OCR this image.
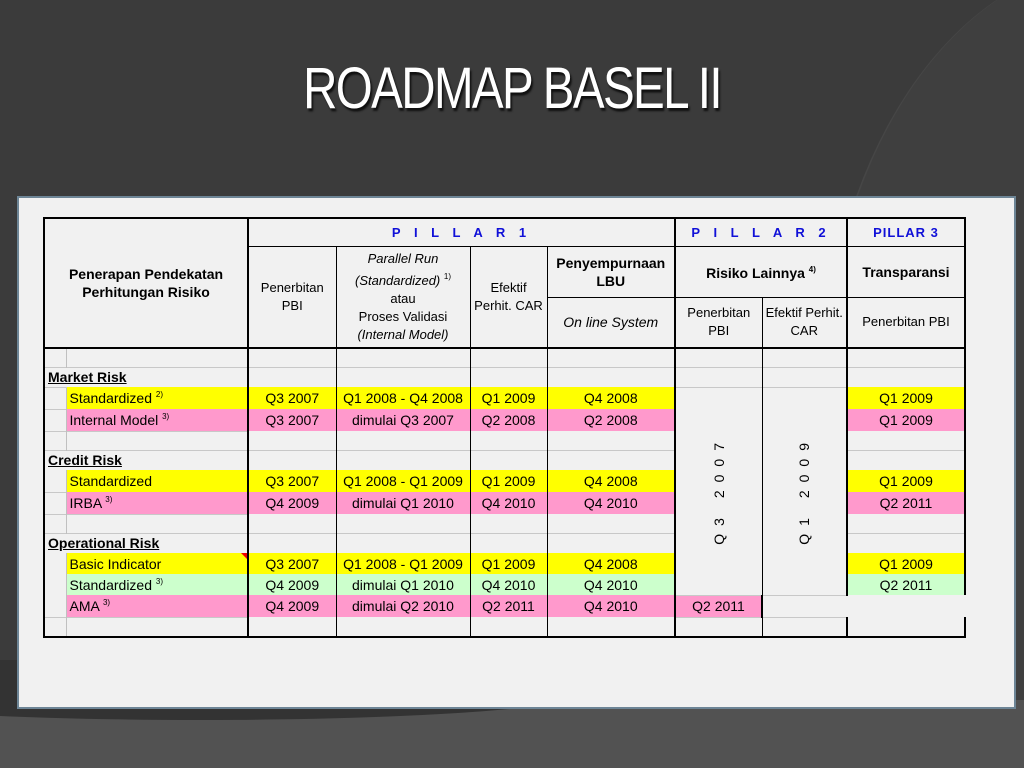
ROADMAP BASEL II
Penerapan Pendekatan Perhitungan Risiko		P I L L A R 1				P I L L A R 2		PILLAR 3
		Penerbitan PBI	Parallel Run
(Standardized) $^{1)}$
atau
Proses Validasi
(Internal Model)	Efektif Perhit. CAR	Penyempurnaan LBU	Risiko Lainnya $^{4)}$		Transparansi
					On line System	Penerbitan PBI	Efektif Perhit. CAR	Penerbitan PBI

Market Risk								
	Standardized $^{2)}$	Q3 2007	Q1 2008 - Q4 2008	Q1 2009	Q4 2008	Q3 2007	Q1 2009	Q1 2009
	Internal Model $^{3)}$	Q3 2007	dimulai Q3 2007	Q2 2008	Q2 2008			Q1 2009

Credit Risk								
	Standardized	Q3 2007	Q1 2008 - Q1 2009	Q1 2009	Q4 2008			Q1 2009
	IRBA $^{3)}$	Q4 2009	dimulai Q1 2010	Q4 2010	Q4 2010			Q2 2011

Operational Risk								
	Basic Indicator	Q3 2007	Q1 2008 - Q1 2009	Q1 2009	Q4 2008			Q1 2009
	Standardized $^{3)}$	Q4 2009	dimulai Q1 2010	Q4 2010	Q4 2010			Q2 2011
	AMA $^{3)}$	Q4 2009	dimulai Q2 2010	Q2 2011	Q4 2010	Q2 2011		
